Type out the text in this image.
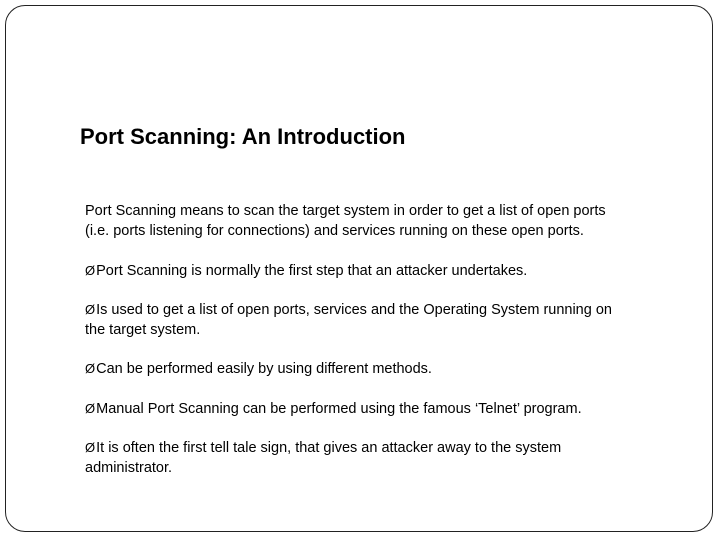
Port Scanning: An Introduction

Port Scanning means to scan the target system in order to get a list of open ports (i.e. ports listening for connections) and services running on these open ports.

ØPort Scanning is normally the first step that an attacker undertakes.

ØIs used to get a list of open ports, services and the Operating System running on the target system.

ØCan be performed easily by using different methods.

ØManual Port Scanning can be performed using the famous ‘Telnet’ program.

ØIt is often the first tell tale sign, that gives an attacker away to the system administrator.
